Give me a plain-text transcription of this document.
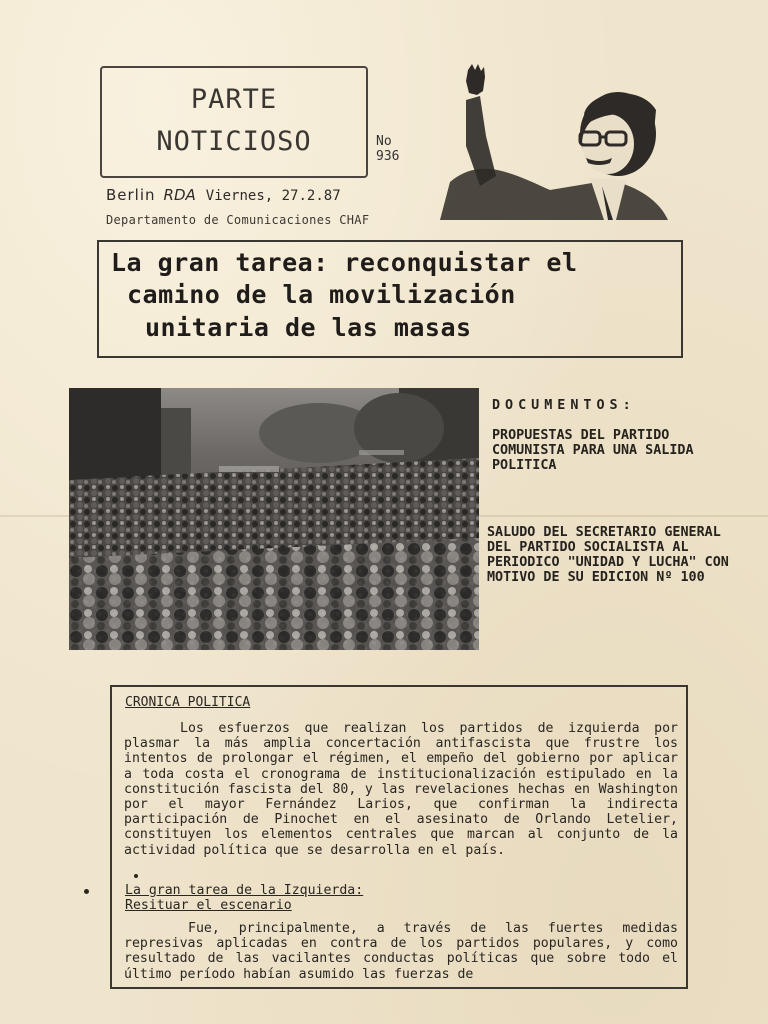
PARTE
NOTICIOSO	No
936
Berlin RDA Viernes, 27.2.87
Departamento de Comunicaciones CHAF
La gran tarea: reconquistar el
camino de la movilización
unitaria de las masas
DOCUMENTOS:
PROPUESTAS DEL PARTIDO COMUNISTA PARA UNA SALIDA POLITICA
SALUDO DEL SECRETARIO GENERAL DEL PARTIDO SOCIALISTA AL PERIODICO "UNIDAD Y LUCHA" CON MOTIVO DE SU EDICION Nº 100
CRONICA POLITICA

Los esfuerzos que realizan los partidos de izquierda por plasmar la más amplia concertación antifascista que frustre los intentos de prolongar el régimen, el empeño del gobierno por aplicar a toda costa el cronograma de institucionalización estipulado en la constitución fascista del 80, y las revelaciones hechas en Washington por el mayor Fernández Larios, que confirman la indirecta participación de Pinochet en el asesinato de Orlando Letelier, constituyen los elementos centrales que marcan al conjunto de la actividad política que se desarrolla en el país.

La gran tarea de la Izquierda:
Resituar el escenario

Fue, principalmente, a través de las fuertes medidas represivas aplicadas en contra de los partidos populares, y como resultado de las vacilantes conductas políticas que sobre todo el último período habían asumido las fuerzas de
